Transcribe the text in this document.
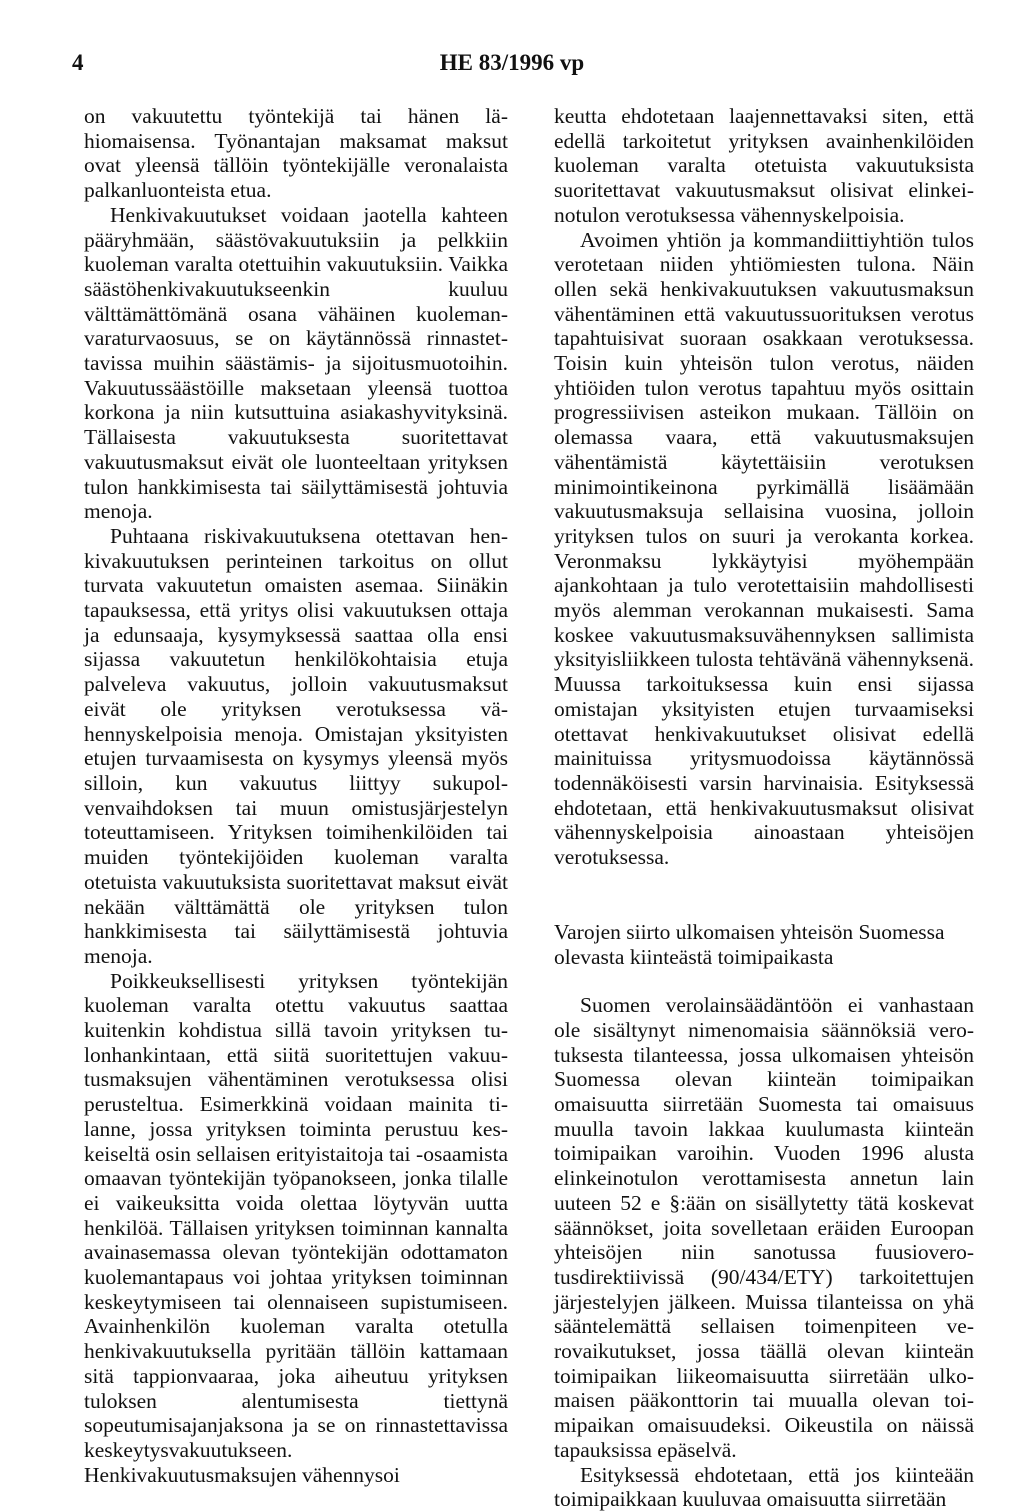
4	HE 83/1996 vp

on vakuutettu työntekijä tai hänen lähiomaisensa. Työnantajan maksamat maksut ovat yleensä tällöin työntekijälle veronalaista palkanluonteista etua.

Henkivakuutukset voidaan jaotella kahteen pääryhmään, säästövakuutuksiin ja pelkkiin kuoleman varalta otettuihin vakuutuksiin. Vaikka säästöhenkivakuutukseenkin kuuluu välttämättömänä osana vähäinen kuolemanvaraturvaosuus, se on käytännössä rinnastettavissa muihin säästämis- ja sijoitusmuotoihin. Vakuutussäästöille maksetaan yleensä tuottoa korkona ja niin kutsuttuina asiakashyvityksinä. Tällaisesta vakuutuksesta suoritettavat vakuutusmaksut eivät ole luonteeltaan yrityksen tulon hankkimisesta tai säilyttämisestä johtuvia menoja.

Puhtaana riskivakuutuksena otettavan henkivakuutuksen perinteinen tarkoitus on ollut turvata vakuutetun omaisten asemaa. Siinäkin tapauksessa, että yritys olisi vakuutuksen ottaja ja edunsaaja, kysymyksessä saattaa olla ensi sijassa vakuutetun henkilökohtaisia etuja palveleva vakuutus, jolloin vakuutusmaksut eivät ole yrityksen verotuksessa vähennyskelpoisia menoja. Omistajan yksityisten etujen turvaamisesta on kysymys yleensä myös silloin, kun vakuutus liittyy sukupolvenvaihdoksen tai muun omistusjärjestelyn toteuttamiseen. Yrityksen toimihenkilöiden tai muiden työntekijöiden kuoleman varalta otetuista vakuutuksista suoritettavat maksut eivät nekään välttämättä ole yrityksen tulon hankkimisesta tai säilyttämisestä johtuvia menoja.

Poikkeuksellisesti yrityksen työntekijän kuoleman varalta otettu vakuutus saattaa kuitenkin kohdistua sillä tavoin yrityksen tulonhankintaan, että siitä suoritettujen vakuutusmaksujen vähentäminen verotuksessa olisi perusteltua. Esimerkkinä voidaan mainita tilanne, jossa yrityksen toiminta perustuu keskeiseltä osin sellaisen erityistaitoja tai -osaamista omaavan työntekijän työpanokseen, jonka tilalle ei vaikeuksitta voida olettaa löytyvän uutta henkilöä. Tällaisen yrityksen toiminnan kannalta avainasemassa olevan työntekijän odottamaton kuolemantapaus voi johtaa yrityksen toiminnan keskeytymiseen tai olennaiseen supistumiseen. Avainhenkilön kuoleman varalta otetulla henkivakuutuksella pyritään tällöin kattamaan sitä tappionvaaraa, joka aiheutuu yrityksen tuloksen alentumisesta tiettynä sopeutumisajanjaksona ja se on rinnastettavissa keskeytysvakuutukseen. Henkivakuutusmaksujen vähennysoi

keutta ehdotetaan laajennettavaksi siten, että edellä tarkoitetut yrityksen avainhenkilöiden kuoleman varalta otetuista vakuutuksista suoritettavat vakuutusmaksut olisivat elinkeinotulon verotuksessa vähennyskelpoisia.

Avoimen yhtiön ja kommandiittiyhtiön tulos verotetaan niiden yhtiömiesten tulona. Näin ollen sekä henkivakuutuksen vakuutusmaksun vähentäminen että vakuutussuorituksen verotus tapahtuisivat suoraan osakkaan verotuksessa. Toisin kuin yhteisön tulon verotus, näiden yhtiöiden tulon verotus tapahtuu myös osittain progressiivisen asteikon mukaan. Tällöin on olemassa vaara, että vakuutusmaksujen vähentämistä käytettäisiin verotuksen minimointikeinona pyrkimällä lisäämään vakuutusmaksuja sellaisina vuosina, jolloin yrityksen tulos on suuri ja verokanta korkea. Veronmaksu lykkäytyisi myöhempään ajankohtaan ja tulo verotettaisiin mahdollisesti myös alemman verokannan mukaisesti. Sama koskee vakuutusmaksuvähennyksen sallimista yksityisliikkeen tulosta tehtävänä vähennyksenä. Muussa tarkoituksessa kuin ensi sijassa omistajan yksityisten etujen turvaamiseksi otettavat henkivakuutukset olisivat edellä mainituissa yritysmuodoissa käytännössä todennäköisesti varsin harvinaisia. Esityksessä ehdotetaan, että henkivakuutusmaksut olisivat vähennyskelpoisia ainoastaan yhteisöjen verotuksessa.

Varojen siirto ulkomaisen yhteisön Suomessa olevasta kiinteästä toimipaikasta

Suomen verolainsäädäntöön ei vanhastaan ole sisältynyt nimenomaisia säännöksiä verotuksesta tilanteessa, jossa ulkomaisen yhteisön Suomessa olevan kiinteän toimipaikan omaisuutta siirretään Suomesta tai omaisuus muulla tavoin lakkaa kuulumasta kiinteän toimipaikan varoihin. Vuoden 1996 alusta elinkeinotulon verottamisesta annetun lain uuteen 52 e §:ään on sisällytetty tätä koskevat säännökset, joita sovelletaan eräiden Euroopan yhteisöjen niin sanotussa fuusioverotusdirektiivissä (90/434/ETY) tarkoitettujen järjestelyjen jälkeen. Muissa tilanteissa on yhä sääntelemättä sellaisen toimenpiteen verovaikutukset, jossa täällä olevan kiinteän toimipaikan liikeomaisuutta siirretään ulkomaisen pääkonttorin tai muualla olevan toimipaikan omaisuudeksi. Oikeustila on näissä tapauksissa epäselvä.

Esityksessä ehdotetaan, että jos kiinteään toimipaikkaan kuuluvaa omaisuutta siirretään
